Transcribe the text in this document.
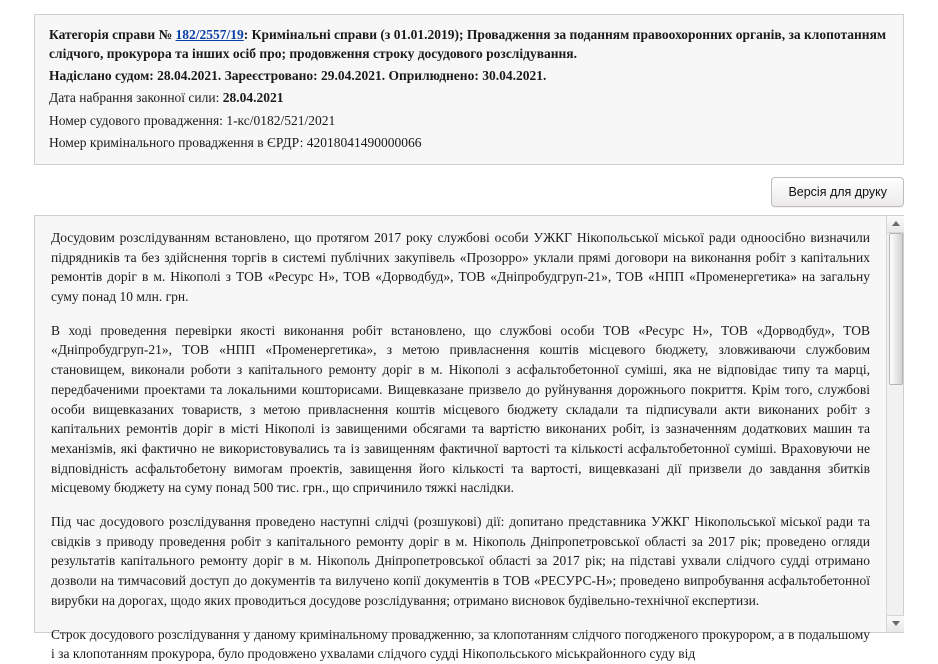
Категорія справи № 182/2557/19: Кримінальні справи (з 01.01.2019); Провадження за поданням правоохоронних органів, за клопотанням слідчого, прокурора та інших осіб про; продовження строку досудового розслідування.

Надіслано судом: 28.04.2021. Зареєстровано: 29.04.2021. Оприлюднено: 30.04.2021.

Дата набрання законної сили: 28.04.2021

Номер судового провадження: 1-кс/0182/521/2021

Номер кримінального провадження в ЄРДР: 42018041490000066

Версія для друку

Досудовим розслідуванням встановлено, що протягом 2017 року службові особи УЖКГ Нікопольської міської ради одноосібно визначили підрядників та без здійснення торгів в системі публічних закупівель «Прозорро» уклали прямі договори на виконання робіт з капітальних ремонтів доріг в м. Нікополі з ТОВ «Ресурс Н», ТОВ «Дорводбуд», ТОВ «Дніпробудгруп-21», ТОВ «НПП «Променергетика» на загальну суму понад 10 млн. грн.

В ході проведення перевірки якості виконання робіт встановлено, що службові особи ТОВ «Ресурс Н», ТОВ «Дорводбуд», ТОВ «Дніпробудгруп-21», ТОВ «НПП «Променергетика», з метою привласнення коштів місцевого бюджету, зловживаючи службовим становищем, виконали роботи з капітального ремонту доріг в м. Нікополі з асфальтобетонної суміші, яка не відповідає типу та марці, передбаченими проектами та локальними кошторисами. Вищевказане призвело до руйнування дорожнього покриття. Крім того, службові особи вищевказаних товариств, з метою привласнення коштів місцевого бюджету складали та підписували акти виконаних робіт з капітальних ремонтів доріг в місті Нікополі із завищеними обсягами та вартістю виконаних робіт, із зазначенням додаткових машин та механізмів, які фактично не використовувались та із завищенням фактичної вартості та кількості асфальтобетонної суміші. Враховуючи не відповідність асфальтобетону вимогам проектів, завищення його кількості та вартості, вищевказані дії призвели до завдання збитків місцевому бюджету на суму понад 500 тис. грн., що спричинило тяжкі наслідки.

Під час досудового розслідування проведено наступні слідчі (розшукові) дії: допитано представника УЖКГ Нікопольської міської ради та свідків з приводу проведення робіт з капітального ремонту доріг в м. Нікополь Дніпропетровської області за 2017 рік; проведено огляди результатів капітального ремонту доріг в м. Нікополь Дніпропетровської області за 2017 рік; на підставі ухвали слідчого суддi отримано дозволи на тимчасовий доступ до документів та вилучено копії документів в ТОВ «РЕСУРС-Н»; проведено випробування асфальтобетонної вирубки на дорогах, щодо яких проводиться досудове розслідування; отримано висновок будівельно-технічної експертизи.

Строк досудового розслідування у даному кримінальному провадженню, за клопотанням слідчого погодженого прокурором, а в подальшому і за клопотанням прокурора, було продовжено ухвалами слідчого суддi Нікопольського міськрайонного суду від
